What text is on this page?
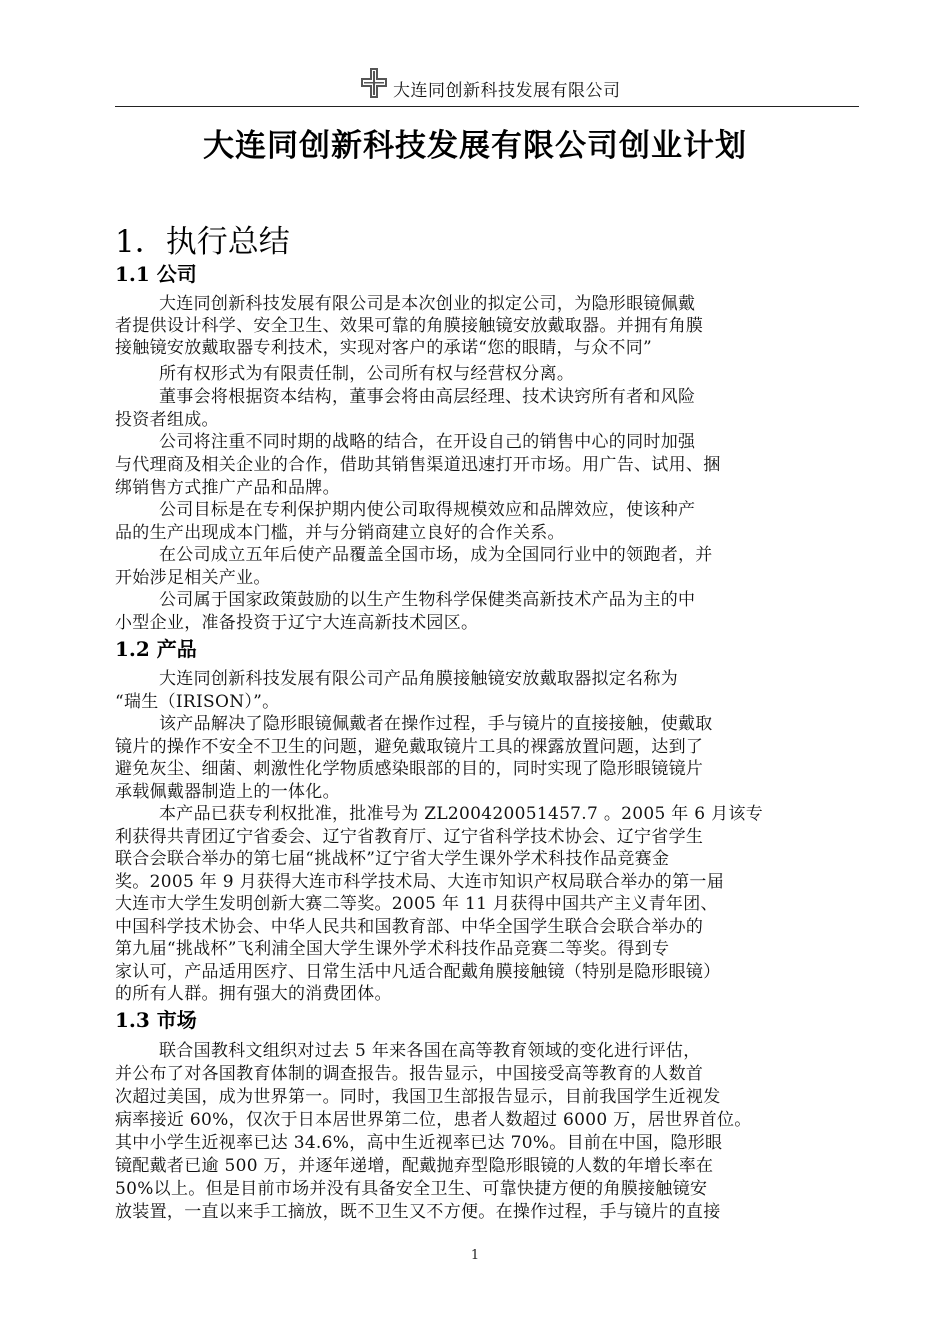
大连同创新科技发展有限公司
大连同创新科技发展有限公司创业计划
1．执行总结
1.1 公司
大连同创新科技发展有限公司是本次创业的拟定公司，为隐形眼镜佩戴
者提供设计科学、安全卫生、效果可靠的角膜接触镜安放戴取器。并拥有角膜
接触镜安放戴取器专利技术，实现对客户的承诺“您的眼睛，与众不同”
所有权形式为有限责任制，公司所有权与经营权分离。
董事会将根据资本结构，董事会将由高层经理、技术诀窍所有者和风险
投资者组成。
公司将注重不同时期的战略的结合，在开设自己的销售中心的同时加强
与代理商及相关企业的合作，借助其销售渠道迅速打开市场。用广告、试用、捆
绑销售方式推广产品和品牌。
公司目标是在专利保护期内使公司取得规模效应和品牌效应，使该种产
品的生产出现成本门槛，并与分销商建立良好的合作关系。
在公司成立五年后使产品覆盖全国市场，成为全国同行业中的领跑者，并
开始涉足相关产业。
公司属于国家政策鼓励的以生产生物科学保健类高新技术产品为主的中
小型企业，准备投资于辽宁大连高新技术园区。
1.2 产品
大连同创新科技发展有限公司产品角膜接触镜安放戴取器拟定名称为
“瑞生（IRISON）”。
该产品解决了隐形眼镜佩戴者在操作过程，手与镜片的直接接触，使戴取
镜片的操作不安全不卫生的问题，避免戴取镜片工具的裸露放置问题，达到了
避免灰尘、细菌、刺激性化学物质感染眼部的目的，同时实现了隐形眼镜镜片
承载佩戴器制造上的一体化。
本产品已获专利权批准，批准号为 ZL200420051457.7 。2005 年 6 月该专
利获得共青团辽宁省委会、辽宁省教育厅、辽宁省科学技术协会、辽宁省学生
联合会联合举办的第七届“挑战杯”辽宁省大学生课外学术科技作品竞赛金
奖。2005 年 9 月获得大连市科学技术局、大连市知识产权局联合举办的第一届
大连市大学生发明创新大赛二等奖。2005 年 11 月获得中国共产主义青年团、
中国科学技术协会、中华人民共和国教育部、中华全国学生联合会联合举办的
第九届“挑战杯”飞利浦全国大学生课外学术科技作品竞赛二等奖。得到专
家认可，产品适用医疗、日常生活中凡适合配戴角膜接触镜（特别是隐形眼镜）
的所有人群。拥有强大的消费团体。
1.3 市场
联合国教科文组织对过去 5 年来各国在高等教育领域的变化进行评估，
并公布了对各国教育体制的调查报告。报告显示，中国接受高等教育的人数首
次超过美国，成为世界第一。同时，我国卫生部报告显示，目前我国学生近视发
病率接近 60%，仅次于日本居世界第二位，患者人数超过 6000 万，居世界首位。
其中小学生近视率已达 34.6%，高中生近视率已达 70%。目前在中国，隐形眼
镜配戴者已逾 500 万，并逐年递增，配戴抛弃型隐形眼镜的人数的年增长率在
50%以上。但是目前市场并没有具备安全卫生、可靠快捷方便的角膜接触镜安
放装置，一直以来手工摘放，既不卫生又不方便。在操作过程，手与镜片的直接
1
